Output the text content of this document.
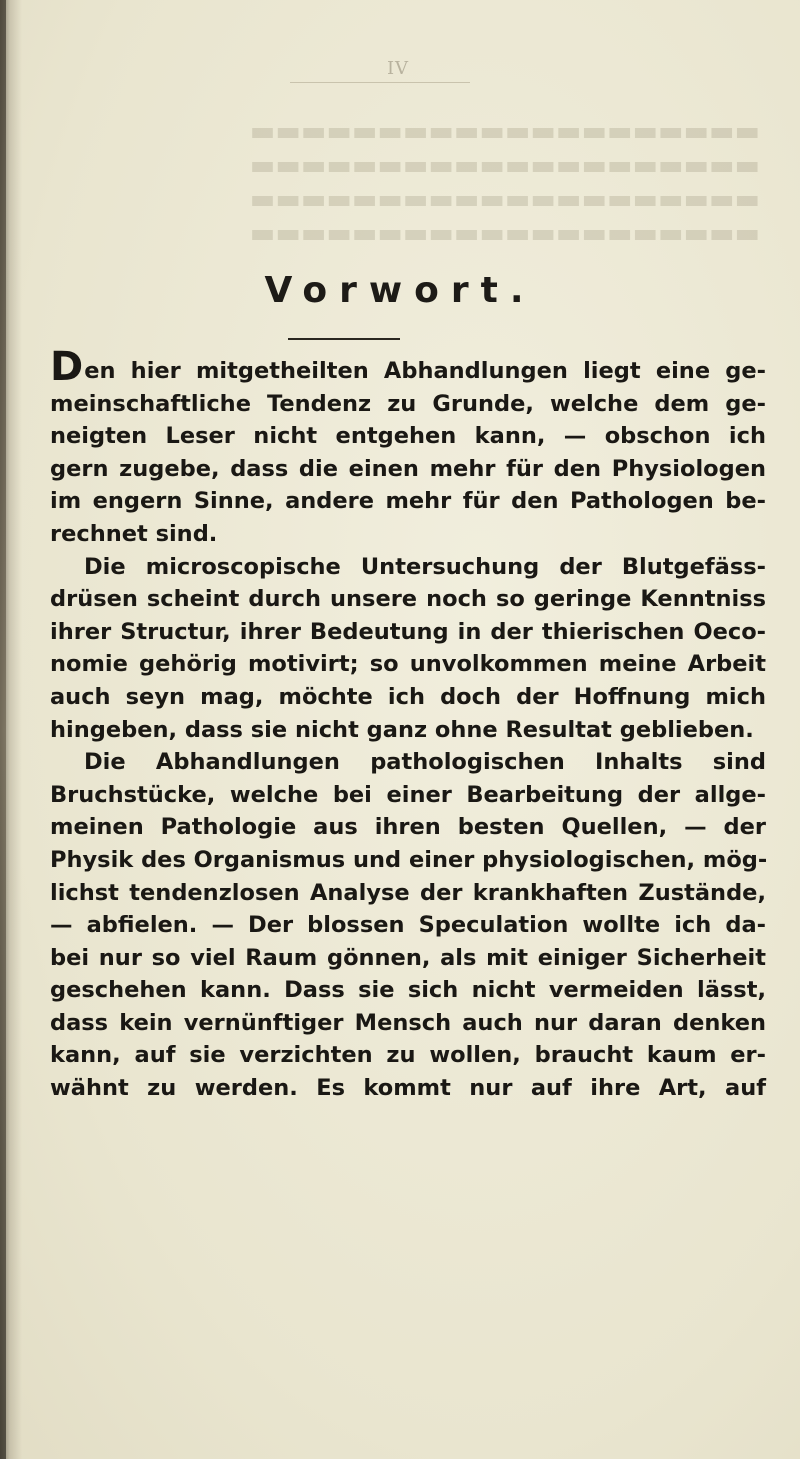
IV
▬▬▬▬▬▬▬▬▬▬▬▬▬▬▬▬▬▬▬▬
▬▬▬▬▬▬▬▬▬▬▬▬▬▬▬▬▬▬▬▬
▬▬▬▬▬▬▬▬▬▬▬▬▬▬▬▬▬▬▬▬
▬▬▬▬▬▬▬▬▬▬▬▬▬▬▬▬▬▬▬▬
Vorwort.
Den hier mitgetheilten Abhandlungen liegt eine ge-
meinschaftliche Tendenz zu Grunde, welche dem ge-
neigten Leser nicht entgehen kann, — obschon ich
gern zugebe, dass die einen mehr für den Physiologen
im engern Sinne, andere mehr für den Pathologen be-
rechnet sind.
Die microscopische Untersuchung der Blutgefäss-
drüsen scheint durch unsere noch so geringe Kenntniss
ihrer Structur, ihrer Bedeutung in der thierischen Oeco-
nomie gehörig motivirt; so unvolkommen meine Arbeit
auch seyn mag, möchte ich doch der Hoffnung mich
hingeben, dass sie nicht ganz ohne Resultat geblieben.
Die Abhandlungen pathologischen Inhalts sind
Bruchstücke, welche bei einer Bearbeitung der allge-
meinen Pathologie aus ihren besten Quellen, — der
Physik des Organismus und einer physiologischen, mög-
lichst tendenzlosen Analyse der krankhaften Zustände,
— abfielen. — Der blossen Speculation wollte ich da-
bei nur so viel Raum gönnen, als mit einiger Sicherheit
geschehen kann. Dass sie sich nicht vermeiden lässt,
dass kein vernünftiger Mensch auch nur daran denken
kann, auf sie verzichten zu wollen, braucht kaum er-
wähnt zu werden. Es kommt nur auf ihre Art, auf
